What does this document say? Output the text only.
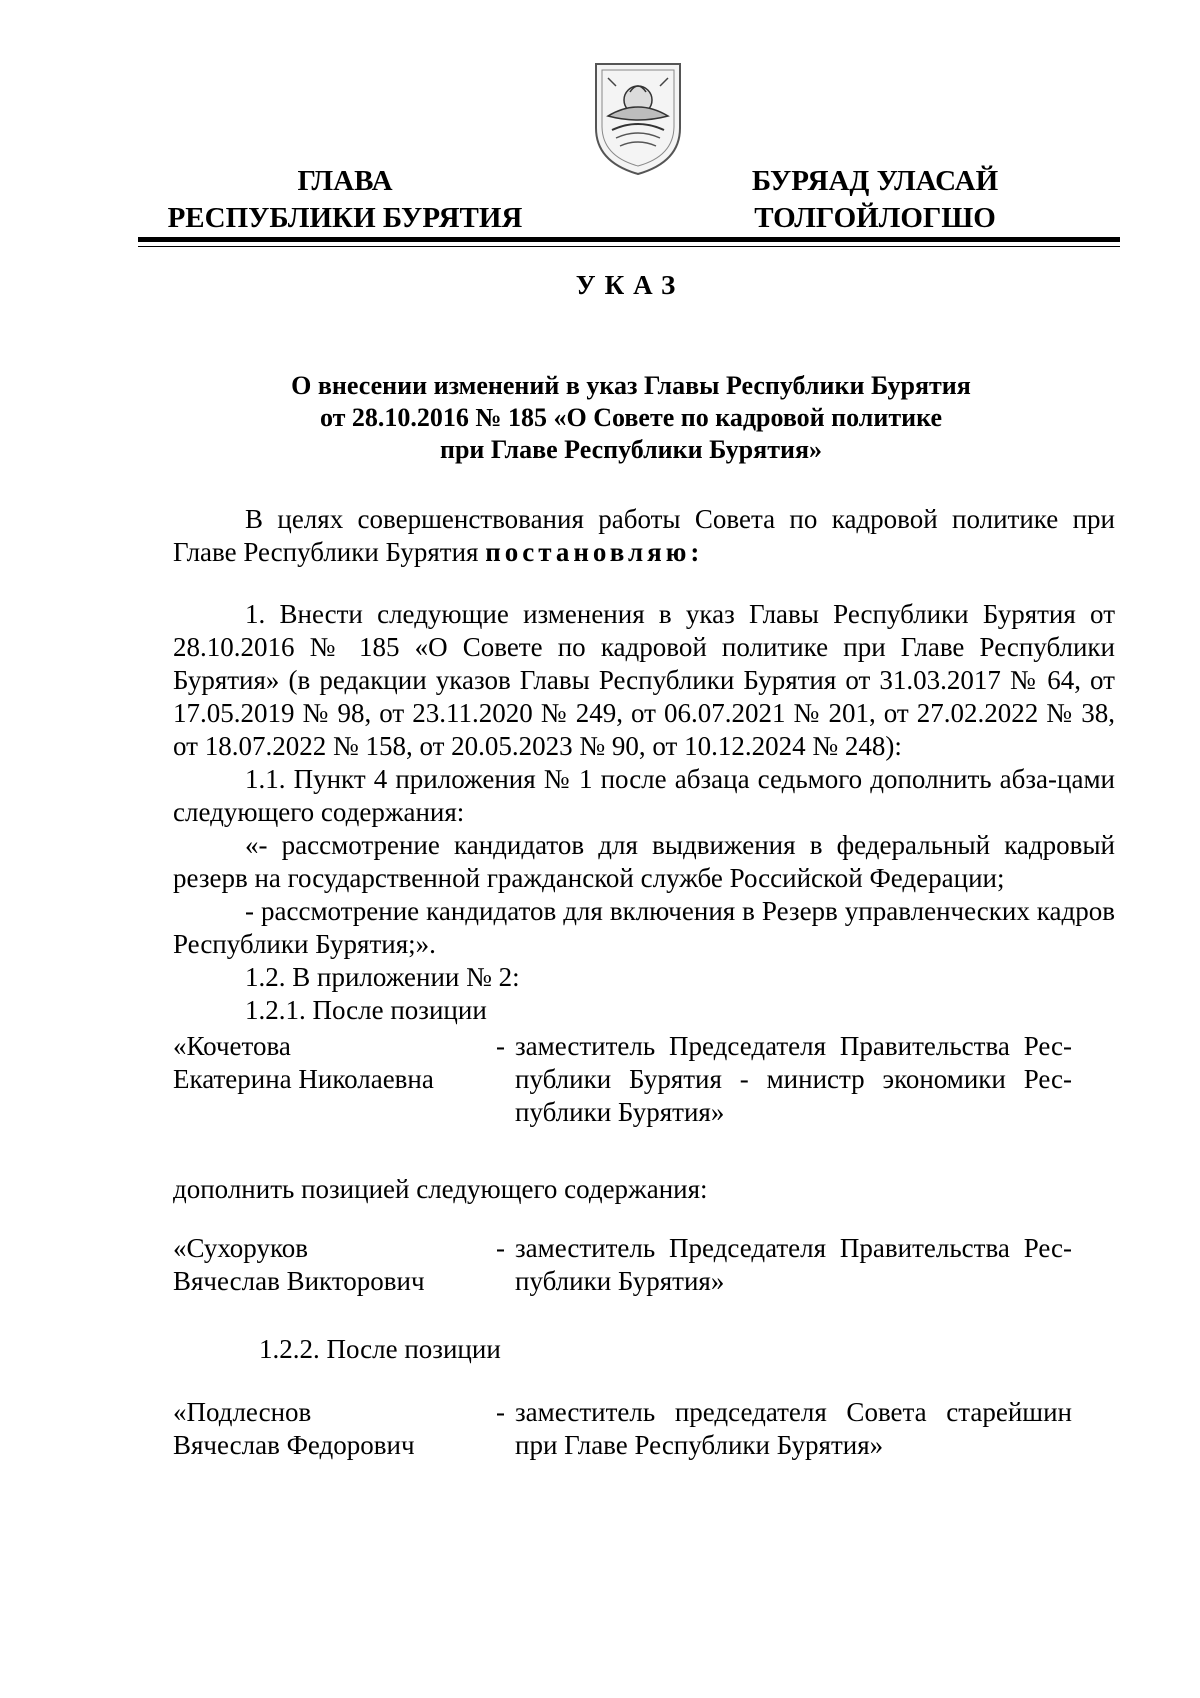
ГЛАВА
РЕСПУБЛИКИ БУРЯТИЯ
БУРЯАД УЛАСАЙ
ТОЛГОЙЛОГШО
УКАЗ
О внесении изменений в указ Главы Республики Бурятия
от 28.10.2016 № 185 «О Совете по кадровой политике
при Главе Республики Бурятия»

В целях совершенствования работы Совета по кадровой политике при Главе Республики Бурятия постановляю:

1. Внести следующие изменения в указ Главы Республики Бурятия от 28.10.2016 № 185 «О Совете по кадровой политике при Главе Республики Бурятия» (в редакции указов Главы Республики Бурятия от 31.03.2017 № 64, от 17.05.2019 № 98, от 23.11.2020 № 249, от 06.07.2021 № 201, от 27.02.2022 № 38, от 18.07.2022 № 158, от 20.05.2023 № 90, от 10.12.2024 № 248):

1.1. Пункт 4 приложения № 1 после абзаца седьмого дополнить абза-цами следующего содержания:

«- рассмотрение кандидатов для выдвижения в федеральный кадровый резерв на государственной гражданской службе Российской Федерации;

- рассмотрение кандидатов для включения в Резерв управленческих кадров Республики Бурятия;».

1.2. В приложении № 2:

1.2.1. После позиции

«Кочетова
Екатерина Николаевна
- заместитель Председателя Правительства Рес-публики Бурятия - министр экономики Рес-публики Бурятия»
дополнить позицией следующего содержания:
«Сухоруков
Вячеслав Викторович
- заместитель Председателя Правительства Рес-публики Бурятия»
1.2.2. После позиции
«Подлеснов
Вячеслав Федорович
- заместитель председателя Совета старейшин при Главе Республики Бурятия»
